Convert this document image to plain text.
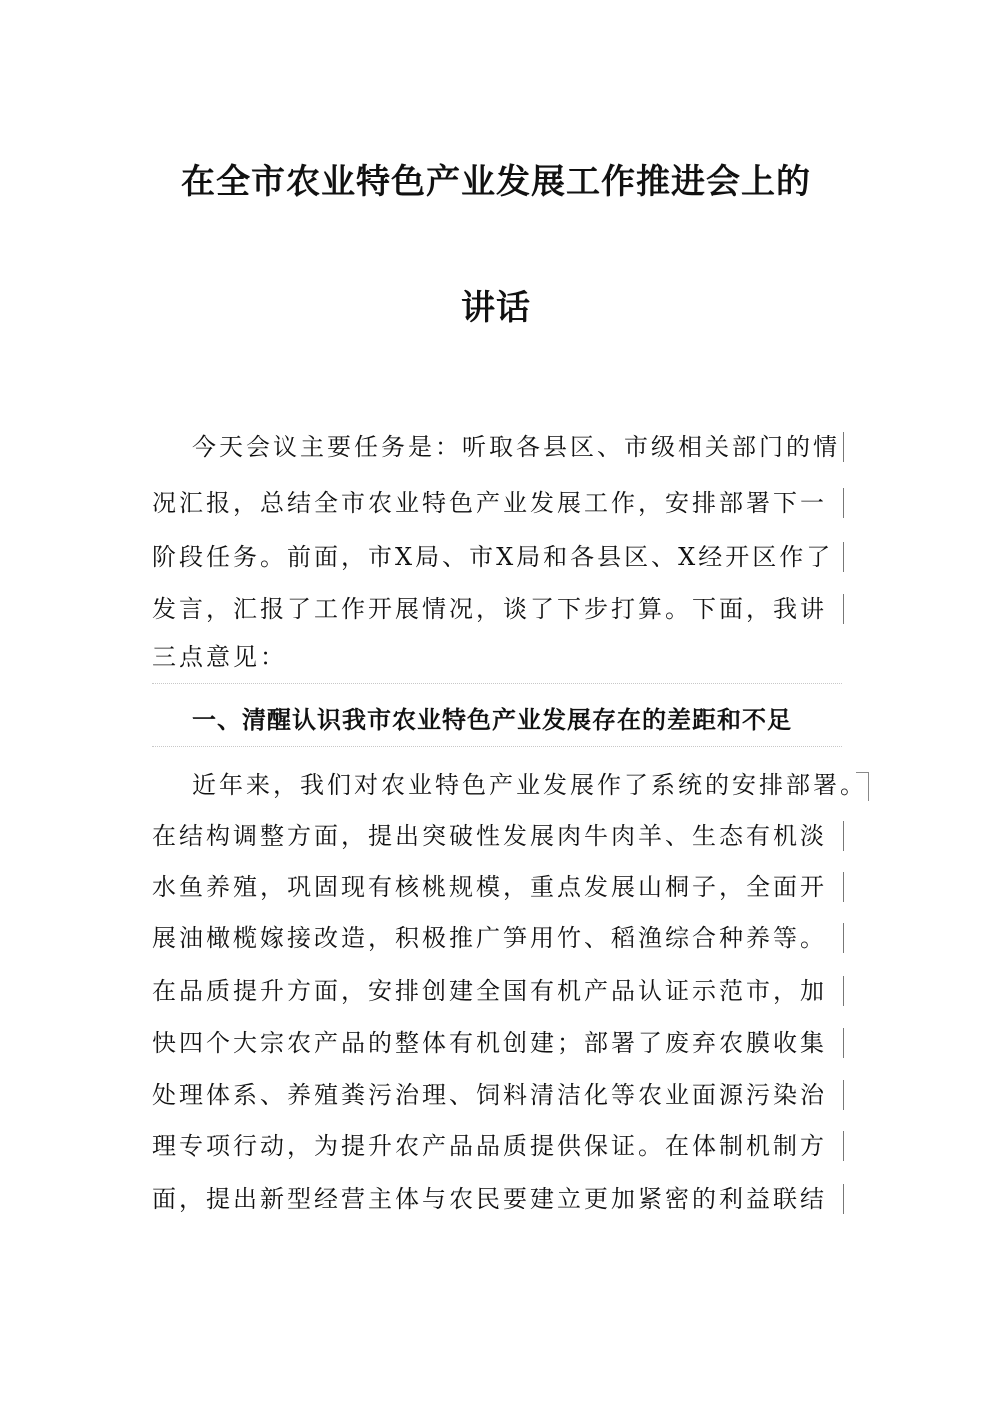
在全市农业特色产业发展工作推进会上的
讲话
今天会议主要任务是：听取各县区、市级相关部门的情
况汇报，总结全市农业特色产业发展工作，安排部署下一
阶段任务。前面，市X局、市X局和各县区、X经开区作了
发言，汇报了工作开展情况，谈了下步打算。下面，我讲
三点意见：
一、清醒认识我市农业特色产业发展存在的差距和不足
近年来，我们对农业特色产业发展作了系统的安排部署。
在结构调整方面，提出突破性发展肉牛肉羊、生态有机淡
水鱼养殖，巩固现有核桃规模，重点发展山桐子，全面开
展油橄榄嫁接改造，积极推广笋用竹、稻渔综合种养等。
在品质提升方面，安排创建全国有机产品认证示范市，加
快四个大宗农产品的整体有机创建；部署了废弃农膜收集
处理体系、养殖粪污治理、饲料清洁化等农业面源污染治
理专项行动，为提升农产品品质提供保证。在体制机制方
面，提出新型经营主体与农民要建立更加紧密的利益联结
